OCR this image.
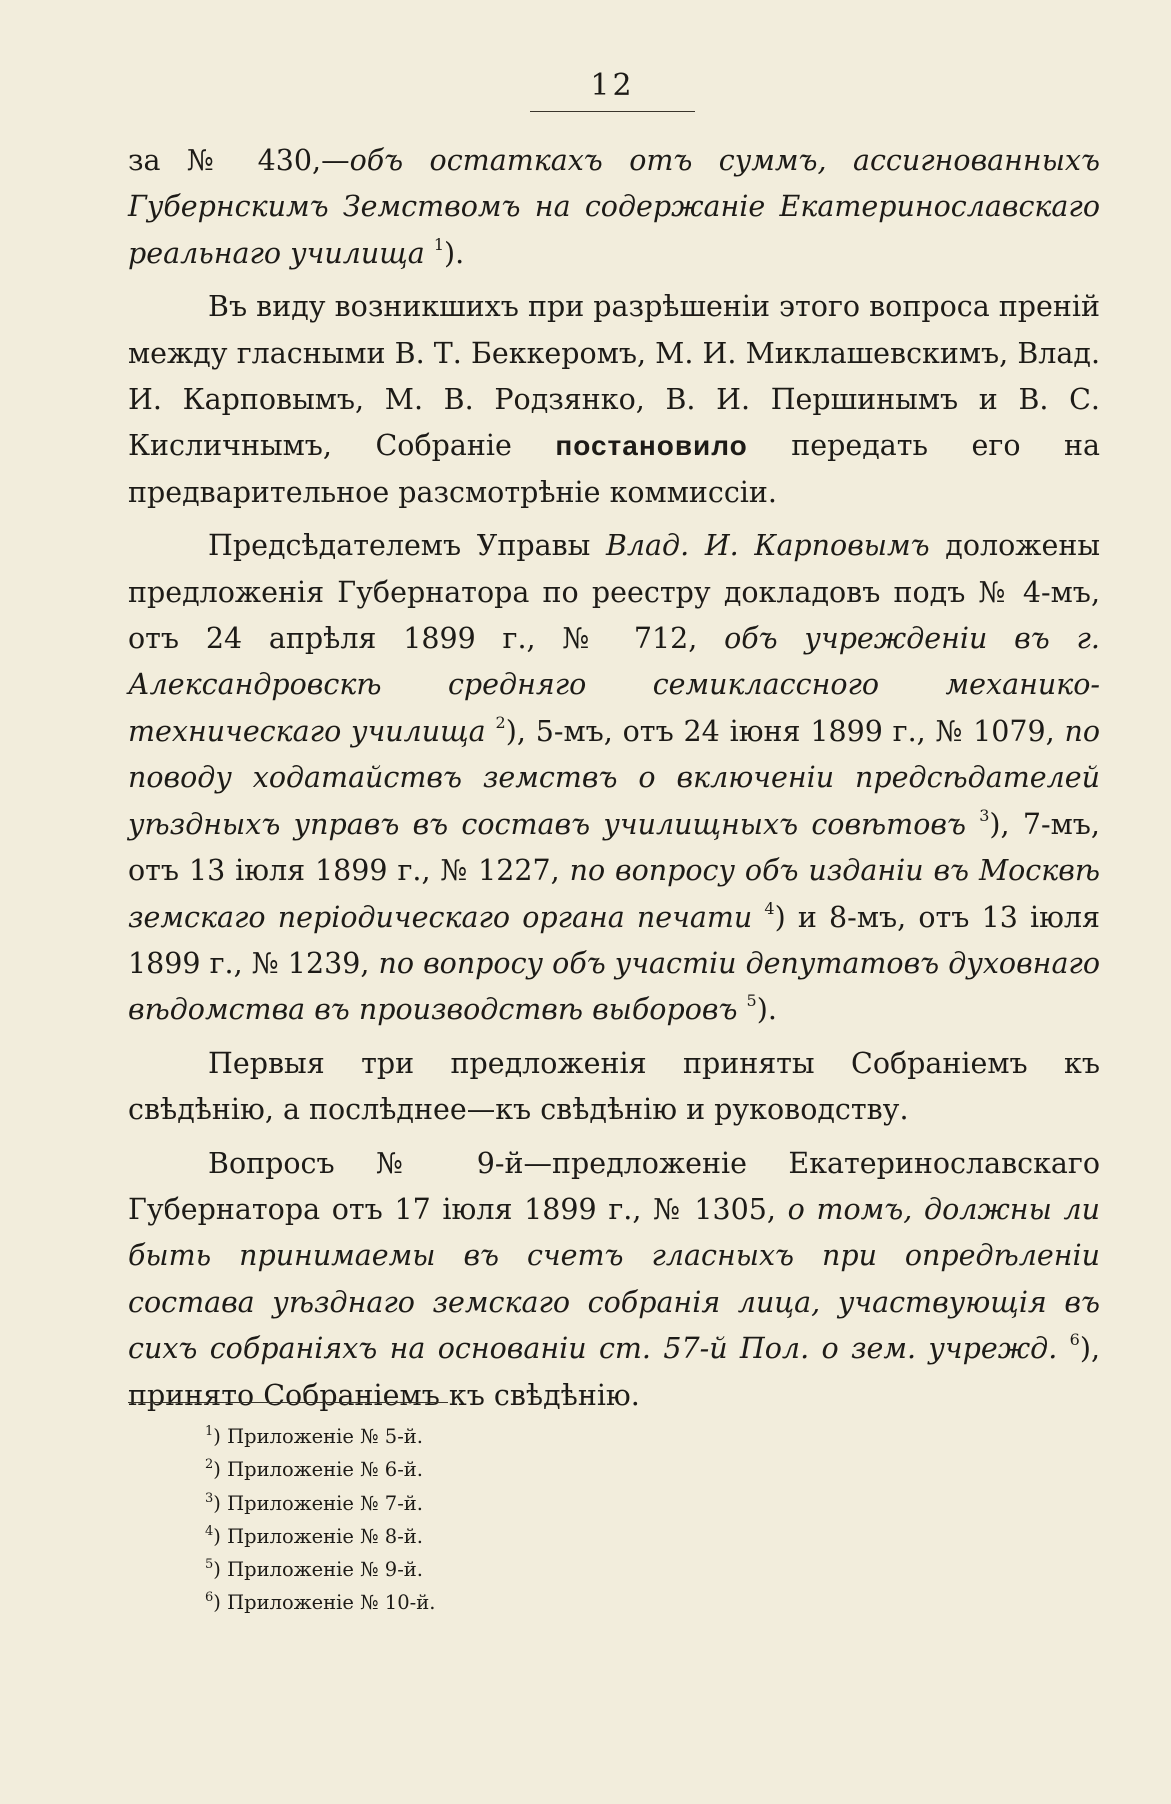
12

за № 430,—объ остаткахъ отъ суммъ, ассигнованныхъ Губернскимъ Земствомъ на содержаніе Екатеринославскаго реальнаго училища $^1$).

Въ виду возникшихъ при разрѣшеніи этого вопроса преній между гласными В. Т. Беккеромъ, М. И. Миклашевскимъ, Влад. И. Карповымъ, М. В. Родзянко, В. И. Першинымъ и В. С. Кисличнымъ, Собраніе постановило передать его на предварительное разсмотрѣніе коммиссіи.

Предсѣдателемъ Управы Влад. И. Карповымъ доложены предложенія Губернатора по реестру докладовъ подъ № 4-мъ, отъ 24 апрѣля 1899 г., № 712, объ учрежденіи въ г. Александровскѣ средняго семиклассного механико-техническаго училища $^2$), 5-мъ, отъ 24 іюня 1899 г., № 1079, по поводу ходатайствъ земствъ о включеніи предсѣдателей уѣздныхъ управъ въ составъ училищныхъ совѣтовъ $^3$), 7-мъ, отъ 13 іюля 1899 г., № 1227, по вопросу объ изданіи въ Москвѣ земскаго періодическаго органа печати $^4$) и 8-мъ, отъ 13 іюля 1899 г., № 1239, по вопросу объ участіи депутатовъ духовнаго вѣдомства въ производствѣ выборовъ $^5$).

Первыя три предложенія приняты Собраніемъ къ свѣдѣнію, а послѣднее—къ свѣдѣнію и руководству.

Вопросъ № 9-й—предложеніе Екатеринославскаго Губернатора отъ 17 іюля 1899 г., № 1305, о томъ, должны ли быть принимаемы въ счетъ гласныхъ при опредѣленіи состава уѣзднаго земскаго собранія лица, участвующія въ сихъ собраніяхъ на основаніи ст. 57-й Пол. о зем. учрежд. $^6$), принято Собраніемъ къ свѣдѣнію.

$^1$) Приложеніе № 5-й.
$^2$) Приложеніе № 6-й.
$^3$) Приложеніе № 7-й.
$^4$) Приложеніе № 8-й.
$^5$) Приложеніе № 9-й.
$^6$) Приложеніе № 10-й.
